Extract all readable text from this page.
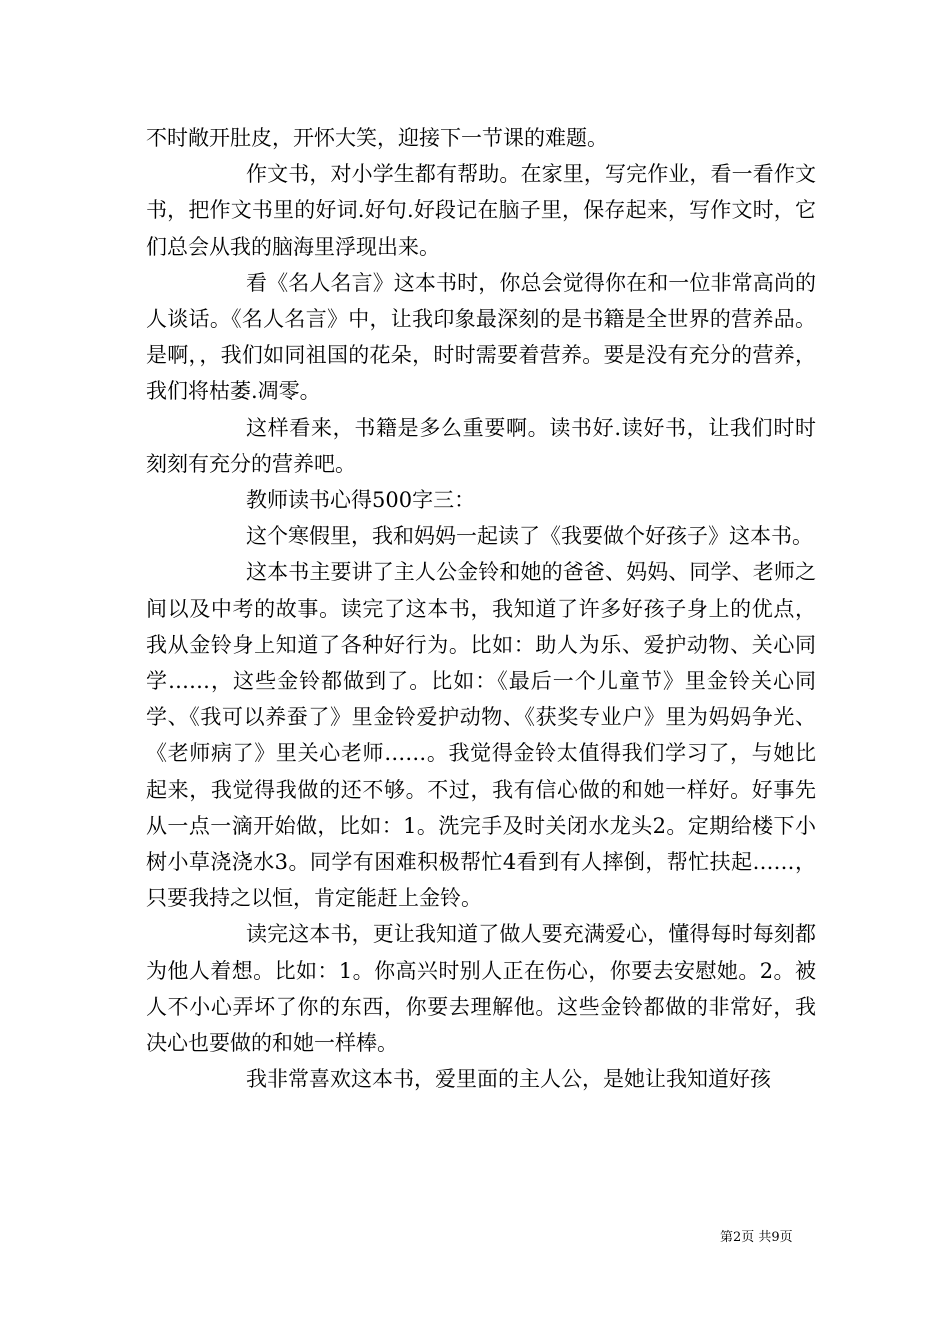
不时敞开肚皮，开怀大笑，迎接下一节课的难题。

作文书，对小学生都有帮助。在家里，写完作业，看一看作文书，把作文书里的好词.好句.好段记在脑子里，保存起来，写作文时，它们总会从我的脑海里浮现出来。

看《名人名言》这本书时，你总会觉得你在和一位非常高尚的人谈话。《名人名言》中，让我印象最深刻的是书籍是全世界的营养品。是啊，，我们如同祖国的花朵，时时需要着营养。要是没有充分的营养，我们将枯萎.凋零。

这样看来，书籍是多么重要啊。读书好.读好书，让我们时时刻刻有充分的营养吧。

教师读书心得500字三：

这个寒假里，我和妈妈一起读了《我要做个好孩子》这本书。

这本书主要讲了主人公金铃和她的爸爸、妈妈、同学、老师之间以及中考的故事。读完了这本书，我知道了许多好孩子身上的优点，我从金铃身上知道了各种好行为。比如：助人为乐、爱护动物、关心同学……，这些金铃都做到了。比如：《最后一个儿童节》里金铃关心同学、《我可以养蚕了》里金铃爱护动物、《获奖专业户》里为妈妈争光、《老师病了》里关心老师……。我觉得金铃太值得我们学习了，与她比起来，我觉得我做的还不够。不过，我有信心做的和她一样好。好事先从一点一滴开始做，比如：1。洗完手及时关闭水龙头2。定期给楼下小树小草浇浇水3。同学有困难积极帮忙4看到有人摔倒，帮忙扶起……，只要我持之以恒，肯定能赶上金铃。

读完这本书，更让我知道了做人要充满爱心，懂得每时每刻都为他人着想。比如：1。你高兴时别人正在伤心，你要去安慰她。2。被人不小心弄坏了你的东西，你要去理解他。这些金铃都做的非常好，我决心也要做的和她一样棒。

我非常喜欢这本书，爱里面的主人公，是她让我知道好孩

第2页 共9页
